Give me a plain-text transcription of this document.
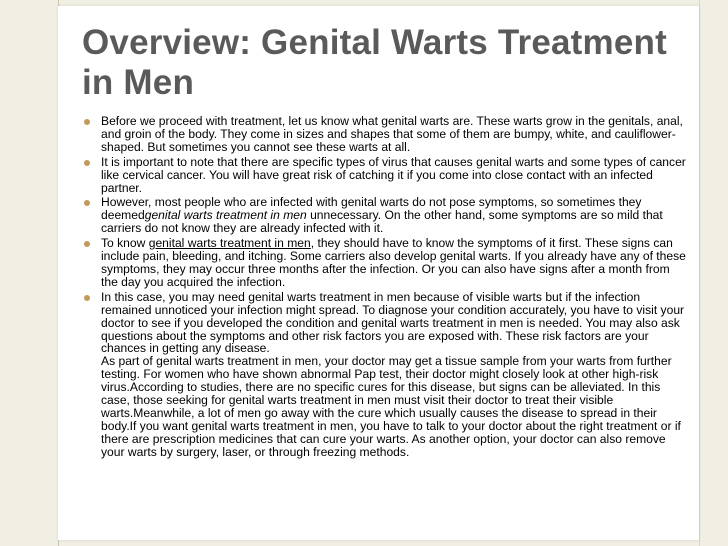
Overview: Genital Warts Treatment in Men

Before we proceed with treatment, let us know what genital warts are. These warts grow in the genitals, anal, and groin of the body. They come in sizes and shapes that some of them are bumpy, white, and cauliflower-shaped. But sometimes you cannot see these warts at all.

It is important to note that there are specific types of virus that causes genital warts and some types of cancer like cervical cancer. You will have great risk of catching it if you come into close contact with an infected partner.

However, most people who are infected with genital warts do not pose symptoms, so sometimes they deemedgenital warts treatment in men unnecessary. On the other hand, some symptoms are so mild that carriers do not know they are already infected with it.

To know genital warts treatment in men, they should have to know the symptoms of it first. These signs can include pain, bleeding, and itching. Some carriers also develop genital warts. If you already have any of these symptoms, they may occur three months after the infection. Or you can also have signs after a month from the day you acquired the infection.

In this case, you may need genital warts treatment in men because of visible warts but if the infection remained unnoticed your infection might spread. To diagnose your condition accurately, you have to visit your doctor to see if you developed the condition and genital warts treatment in men is needed. You may also ask questions about the symptoms and other risk factors you are exposed with. These risk factors are your chances in getting any disease.

As part of genital warts treatment in men, your doctor may get a tissue sample from your warts from further testing. For women who have shown abnormal Pap test, their doctor might closely look at other high-risk virus.According to studies, there are no specific cures for this disease, but signs can be alleviated. In this case, those seeking for genital warts treatment in men must visit their doctor to treat their visible warts.Meanwhile, a lot of men go away with the cure which usually causes the disease to spread in their body.If you want genital warts treatment in men, you have to talk to your doctor about the right treatment or if there are prescription medicines that can cure your warts. As another option, your doctor can also remove your warts by surgery, laser, or through freezing methods.
